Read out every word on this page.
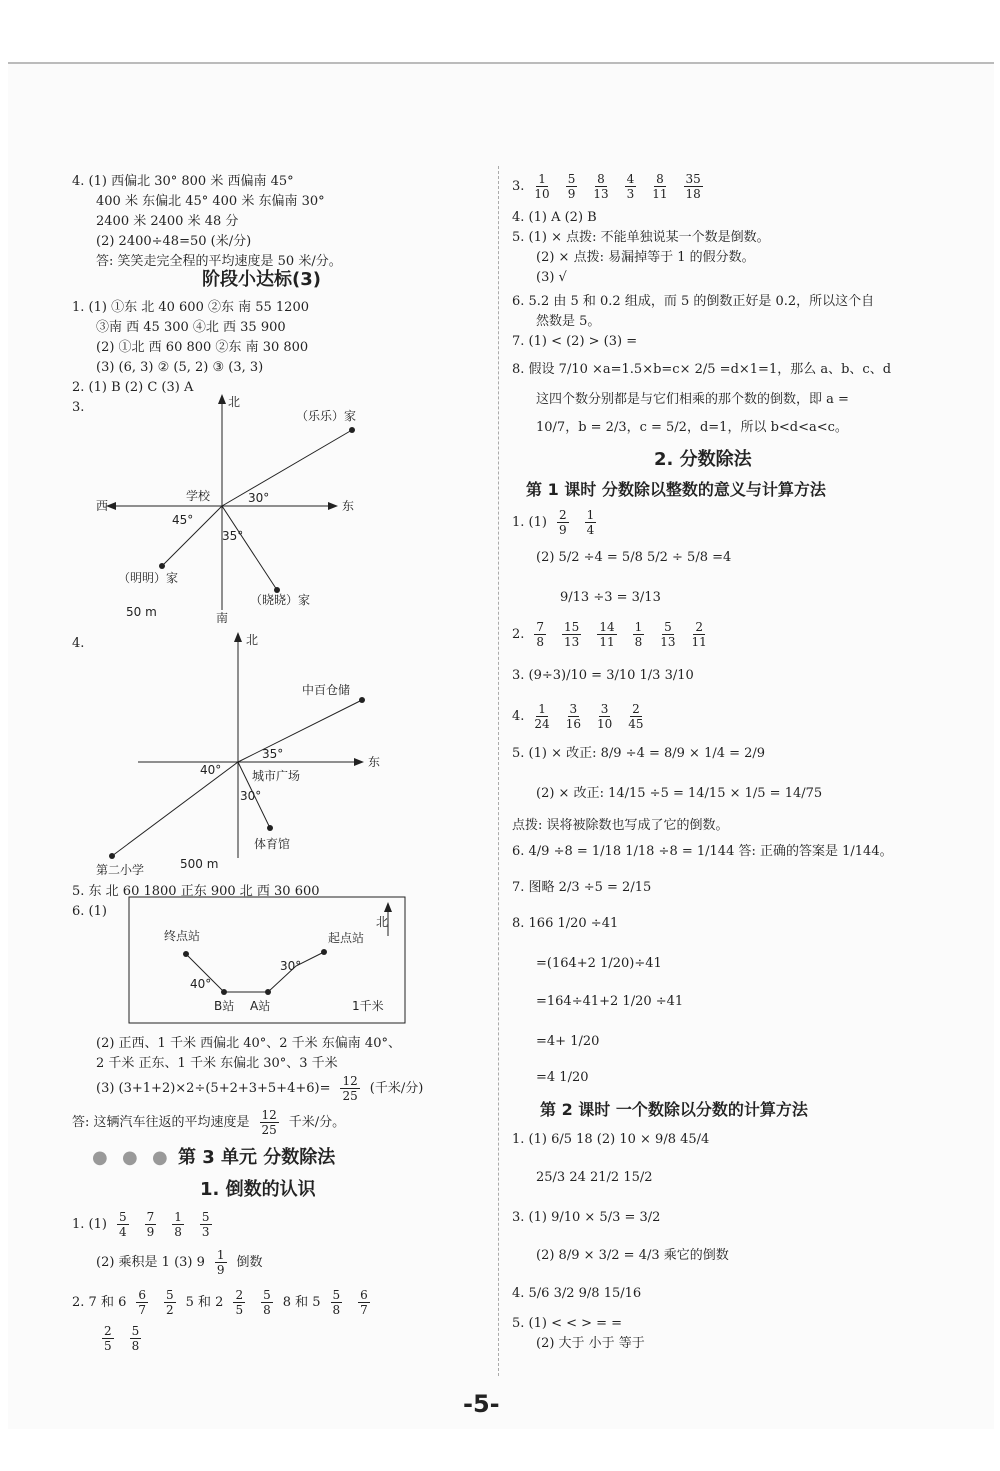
4. (1) 西偏北 30° 800 米 西偏南 45°
400 米 东偏北 45° 400 米 东偏南 30°
2400 米 2400 米 48 分
(2) 2400÷48=50 (米/分)
答: 笑笑走完全程的平均速度是 50 米/分。
阶段小达标(3)
1. (1) ①东 北 40 600 ②东 南 55 1200
③南 西 45 300 ④北 西 35 900
(2) ①北 西 60 800 ②东 南 30 800
(3) (6, 3) ② (5, 2) ③ (3, 3)
2. (1) B (2) C (3) A
3.	北
西	东
南
学校
（乐乐）家
（明明）家
（晓晓）家
30°
45°
35°
50 m
4.	北
东
中百仓储
城市广场
体育馆
第二小学
35°
40°
30°
500 m
5. 东 北 60 1800 正东 900 北 西 30 600
6. (1)
终点站	起点站
B站 A站
北
30°
40°
1千米
(2) 正西、1 千米 西偏北 40°、2 千米 东偏南 40°、
2 千米 正东、1 千米 东偏北 30°、3 千米
(3) $(3+1+2)\times 2\div(5+2+3+5+4+6)= \frac{12}{25}$ (千米/分)
答: 这辆汽车往返的平均速度是 $\frac{12}{25}$ 千米/分。
● ● ● 第 3 单元 分数除法
1. 倒数的认识
1. $(1) \frac{5}{4} \frac{7}{9} \frac{1}{8} \frac{5}{3}$
(2) 乘积是 1 (3) $9 \frac{1}{9}$ 倒数
2. 7 和 $6 \frac{6}{7} \frac{5}{2} 5$ 和 $2 \frac{2}{5} \frac{5}{8} 8$ 和 $5 \frac{5}{8} \frac{6}{7}$
$\frac{2}{5} \frac{5}{8}$
3. $\frac{1}{10} \frac{5}{9} \frac{8}{13} \frac{4}{3} \frac{8}{11} \frac{35}{18}$
4. (1) A (2) B
5. (1) × 点拨: 不能单独说某一个数是倒数。
(2) × 点拨: 易漏掉等于 1 的假分数。
(3) √
6. 5.2 由 5 和 0.2 组成，而 5 的倒数正好是 0.2，所以这个自
然数是 5。
7. (1) < (2) > (3) =
8. 假设 7/10 ×a=1.5×b=c× 2/5 =d×1=1，那么 a、b、c、d
这四个数分别都是与它们相乘的那个数的倒数，即 a =
10/7，b = 2/3，c = 5/2，d=1，所以 b<d<a<c。
2. 分数除法
第 1 课时 分数除以整数的意义与计算方法
1. $(1) \frac{2}{9} \frac{1}{4}$
(2) 5/2 ÷4 = 5/8 5/2 ÷ 5/8 =4
9/13 ÷3 = 3/13
2. $\frac{7}{8} \frac{15}{13} \frac{14}{11} \frac{1}{8} \frac{5}{13} \frac{2}{11}$
3. (9÷3)/10 = 3/10 1/3 3/10
4. $\frac{1}{24} \frac{3}{16} \frac{3}{10} \frac{2}{45}$
5. (1) × 改正: 8/9 ÷4 = 8/9 × 1/4 = 2/9
(2) × 改正: 14/15 ÷5 = 14/15 × 1/5 = 14/75
点拨: 误将被除数也写成了它的倒数。
6. 4/9 ÷8 = 1/18 1/18 ÷8 = 1/144 答: 正确的答案是 1/144。
7. 图略 2/3 ÷5 = 2/15
8. 166 1/20 ÷41
=(164+2 1/20)÷41
=164÷41+2 1/20 ÷41
=4+ 1/20
=4 1/20
第 2 课时 一个数除以分数的计算方法
1. (1) 6/5 18 (2) 10 × 9/8 45/4
25/3 24 21/2 15/2
3. (1) 9/10 × 5/3 = 3/2
(2) 8/9 × 3/2 = 4/3 乘它的倒数
4. 5/6 3/2 9/8 15/16
5. (1) < < > = =
(2) 大于 小于 等于
-5-
